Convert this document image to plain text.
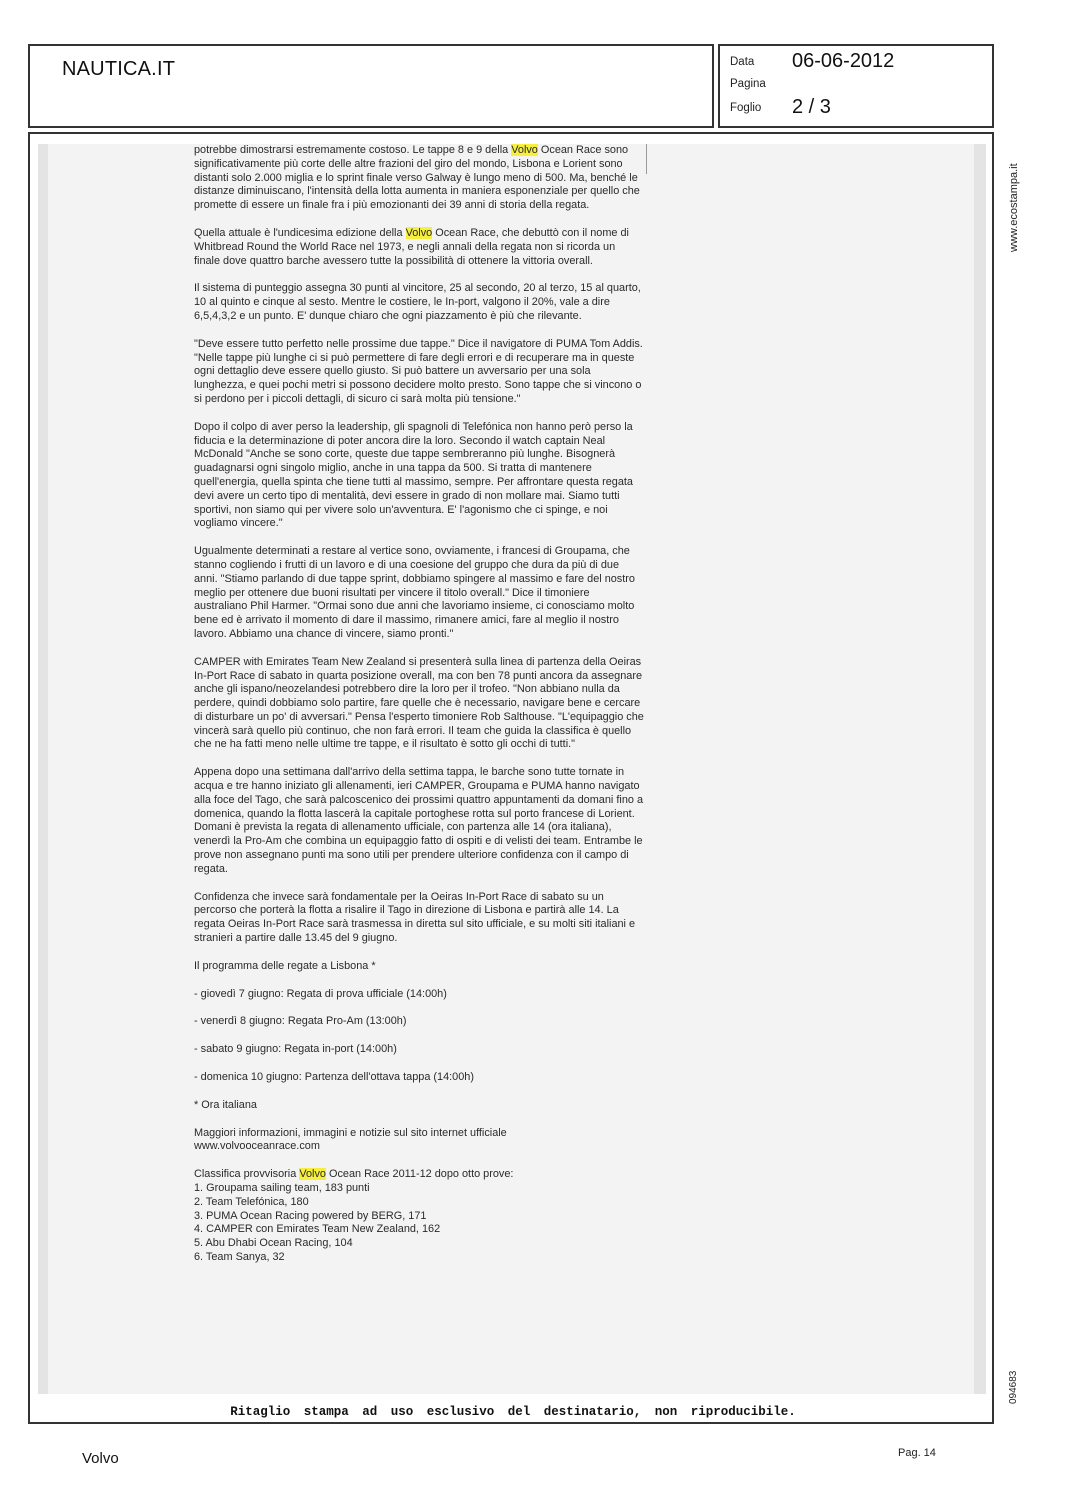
NAUTICA.IT	Data 06-06-2012
Pagina
Foglio 2 / 3

potrebbe dimostrarsi estremamente costoso. Le tappe 8 e 9 della Volvo Ocean Race sono significativamente più corte delle altre frazioni del giro del mondo, Lisbona e Lorient sono distanti solo 2.000 miglia e lo sprint finale verso Galway è lungo meno di 500. Ma, benché le distanze diminuiscano, l'intensità della lotta aumenta in maniera esponenziale per quello che promette di essere un finale fra i più emozionanti dei 39 anni di storia della regata.

Quella attuale è l'undicesima edizione della Volvo Ocean Race, che debuttò con il nome di Whitbread Round the World Race nel 1973, e negli annali della regata non si ricorda un finale dove quattro barche avessero tutte la possibilità di ottenere la vittoria overall.

Il sistema di punteggio assegna 30 punti al vincitore, 25 al secondo, 20 al terzo, 15 al quarto, 10 al quinto e cinque al sesto. Mentre le costiere, le In-port, valgono il 20%, vale a dire 6,5,4,3,2 e un punto. E' dunque chiaro che ogni piazzamento è più che rilevante.

"Deve essere tutto perfetto nelle prossime due tappe." Dice il navigatore di PUMA Tom Addis. "Nelle tappe più lunghe ci si può permettere di fare degli errori e di recuperare ma in queste ogni dettaglio deve essere quello giusto. Si può battere un avversario per una sola lunghezza, e quei pochi metri si possono decidere molto presto. Sono tappe che si vincono o si perdono per i piccoli dettagli, di sicuro ci sarà molta più tensione."

Dopo il colpo di aver perso la leadership, gli spagnoli di Telefónica non hanno però perso la fiducia e la determinazione di poter ancora dire la loro. Secondo il watch captain Neal McDonald "Anche se sono corte, queste due tappe sembreranno più lunghe. Bisognerà guadagnarsi ogni singolo miglio, anche in una tappa da 500. Si tratta di mantenere quell'energia, quella spinta che tiene tutti al massimo, sempre. Per affrontare questa regata devi avere un certo tipo di mentalità, devi essere in grado di non mollare mai. Siamo tutti sportivi, non siamo qui per vivere solo un'avventura. E' l'agonismo che ci spinge, e noi vogliamo vincere."

Ugualmente determinati a restare al vertice sono, ovviamente, i francesi di Groupama, che stanno cogliendo i frutti di un lavoro e di una coesione del gruppo che dura da più di due anni. "Stiamo parlando di due tappe sprint, dobbiamo spingere al massimo e fare del nostro meglio per ottenere due buoni risultati per vincere il titolo overall." Dice il timoniere australiano Phil Harmer. "Ormai sono due anni che lavoriamo insieme, ci conosciamo molto bene ed è arrivato il momento di dare il massimo, rimanere amici, fare al meglio il nostro lavoro. Abbiamo una chance di vincere, siamo pronti."

CAMPER with Emirates Team New Zealand si presenterà sulla linea di partenza della Oeiras In-Port Race di sabato in quarta posizione overall, ma con ben 78 punti ancora da assegnare anche gli ispano/neozelandesi potrebbero dire la loro per il trofeo. "Non abbiano nulla da perdere, quindi dobbiamo solo partire, fare quelle che è necessario, navigare bene e cercare di disturbare un po' di avversari." Pensa l'esperto timoniere Rob Salthouse. "L'equipaggio che vincerà sarà quello più continuo, che non farà errori. Il team che guida la classifica è quello che ne ha fatti meno nelle ultime tre tappe, e il risultato è sotto gli occhi di tutti."

Appena dopo una settimana dall'arrivo della settima tappa, le barche sono tutte tornate in acqua e tre hanno iniziato gli allenamenti, ieri CAMPER, Groupama e PUMA hanno navigato alla foce del Tago, che sarà palcoscenico dei prossimi quattro appuntamenti da domani fino a domenica, quando la flotta lascerà la capitale portoghese rotta sul porto francese di Lorient. Domani è prevista la regata di allenamento ufficiale, con partenza alle 14 (ora italiana), venerdì la Pro-Am che combina un equipaggio fatto di ospiti e di velisti dei team. Entrambe le prove non assegnano punti ma sono utili per prendere ulteriore confidenza con il campo di regata.

Confidenza che invece sarà fondamentale per la Oeiras In-Port Race di sabato su un percorso che porterà la flotta a risalire il Tago in direzione di Lisbona e partirà alle 14. La regata Oeiras In-Port Race sarà trasmessa in diretta sul sito ufficiale, e su molti siti italiani e stranieri a partire dalle 13.45 del 9 giugno.

Il programma delle regate a Lisbona *

- giovedì 7 giugno: Regata di prova ufficiale (14:00h)

- venerdì 8 giugno: Regata Pro-Am (13:00h)

- sabato 9 giugno: Regata in-port (14:00h)

- domenica 10 giugno: Partenza dell'ottava tappa (14:00h)

* Ora italiana

Maggiori informazioni, immagini e notizie sul sito internet ufficiale
www.volvooceanrace.com

Classifica provvisoria Volvo Ocean Race 2011-12 dopo otto prove:

1. Groupama sailing team, 183 punti

2. Team Telefónica, 180

3. PUMA Ocean Racing powered by BERG, 171

4. CAMPER con Emirates Team New Zealand, 162

5. Abu Dhabi Ocean Racing, 104

6. Team Sanya, 32

Ritaglio stampa ad uso esclusivo del destinatario, non riproducibile.
www.ecostampa.it
094683
Volvo	Pag. 14
